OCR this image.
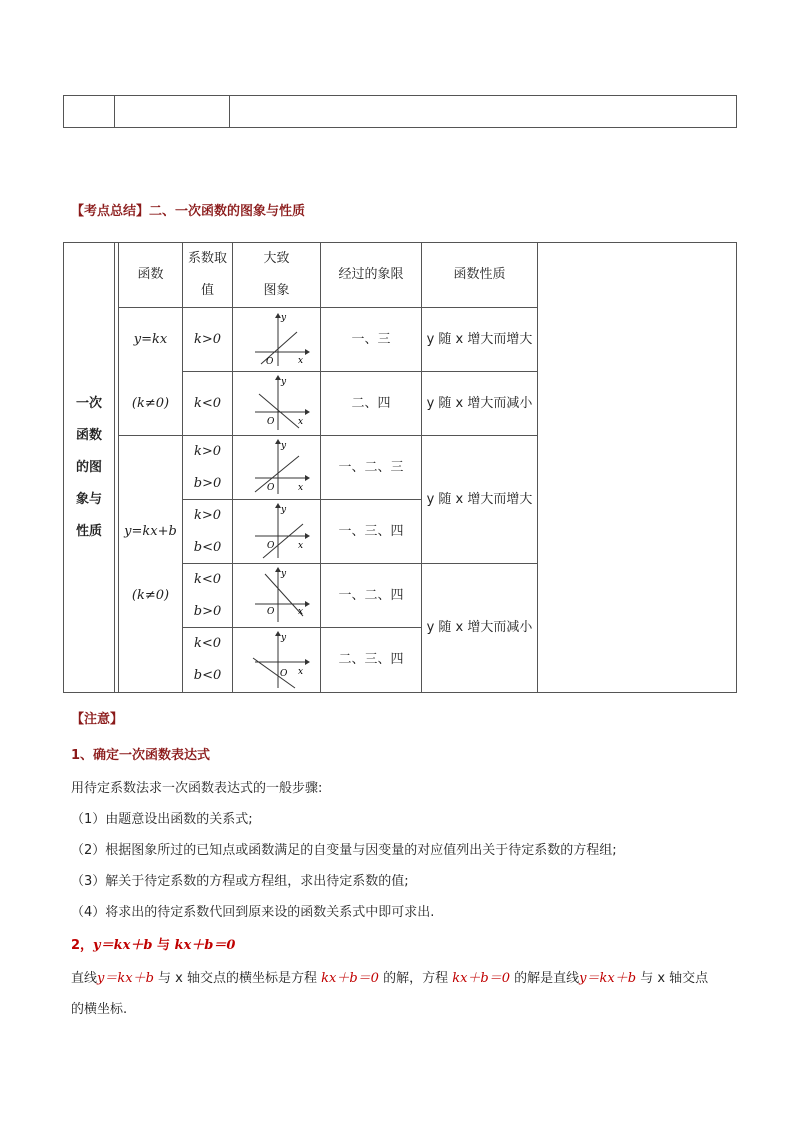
【考点总结】二、一次函数的图象与性质
一次
函数
的图
象与
性质
函数
系数取
值
大致
图象
经过的象限	函数性质
y=kx
(k≠0)
y=kx+b
(k≠0)
k>0
k<0
k>0
b>0
k>0
b<0
k<0
b>0
k<0
b<0
y
x
O
y
x
O
y
x
O
y
x
O
y
x
O
y
x
O
一、三
二、四
一、二、三
一、三、四
一、二、四
二、三、四
y 随 x 增大而增大
y 随 x 增大而减小
y 随 x 增大而增大
y 随 x 增大而减小
【注意】
1、确定一次函数表达式
用待定系数法求一次函数表达式的一般步骤:
（1）由题意设出函数的关系式;
（2）根据图象所过的已知点或函数满足的自变量与因变量的对应值列出关于待定系数的方程组;
（3）解关于待定系数的方程或方程组，求出待定系数的值;
（4）将求出的待定系数代回到原来设的函数关系式中即可求出.
2，y＝kx＋b 与 kx＋b＝0
直线y＝kx＋b 与 x 轴交点的横坐标是方程 kx＋b＝0 的解，方程 kx＋b＝0 的解是直线y＝kx＋b 与 x 轴交点
的横坐标.
